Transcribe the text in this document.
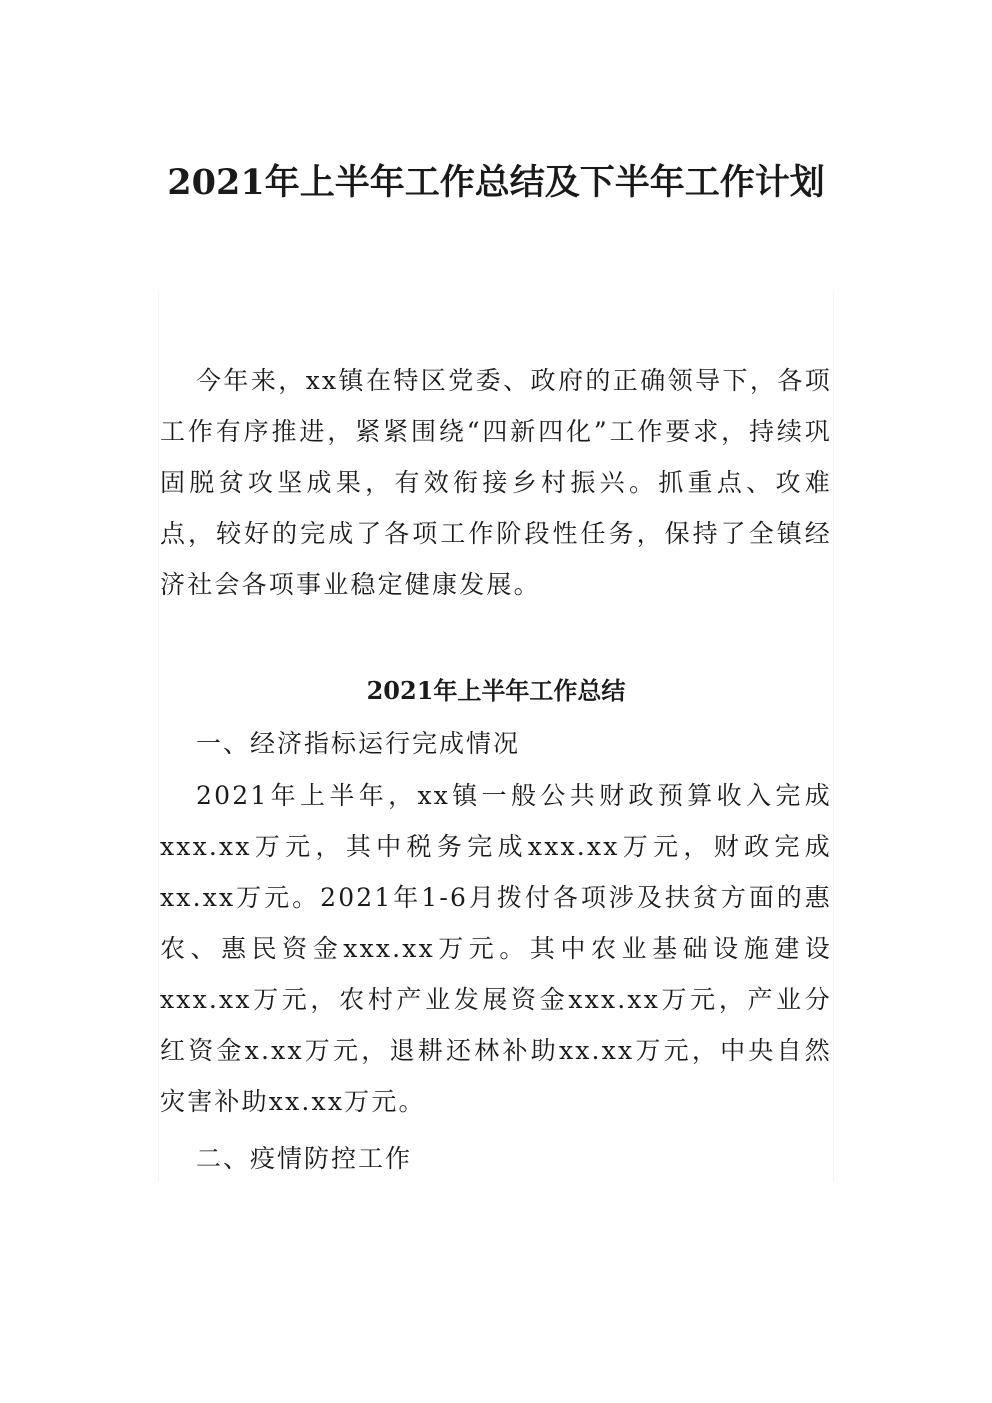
2021年上半年工作总结及下半年工作计划

今年来，xx镇在特区党委、政府的正确领导下，各项工作有序推进，紧紧围绕“四新四化”工作要求，持续巩固脱贫攻坚成果，有效衔接乡村振兴。抓重点、攻难点，较好的完成了各项工作阶段性任务，保持了全镇经济社会各项事业稳定健康发展。

2021年上半年工作总结

一、经济指标运行完成情况

2021年上半年，xx镇一般公共财政预算收入完成xxx.xx万元，其中税务完成xxx.xx万元，财政完成xx.xx万元。2021年1-6月拨付各项涉及扶贫方面的惠农、惠民资金xxx.xx万元。其中农业基础设施建设xxx.xx万元，农村产业发展资金xxx.xx万元，产业分红资金x.xx万元，退耕还林补助xx.xx万元，中央自然灾害补助xx.xx万元。

二、疫情防控工作
